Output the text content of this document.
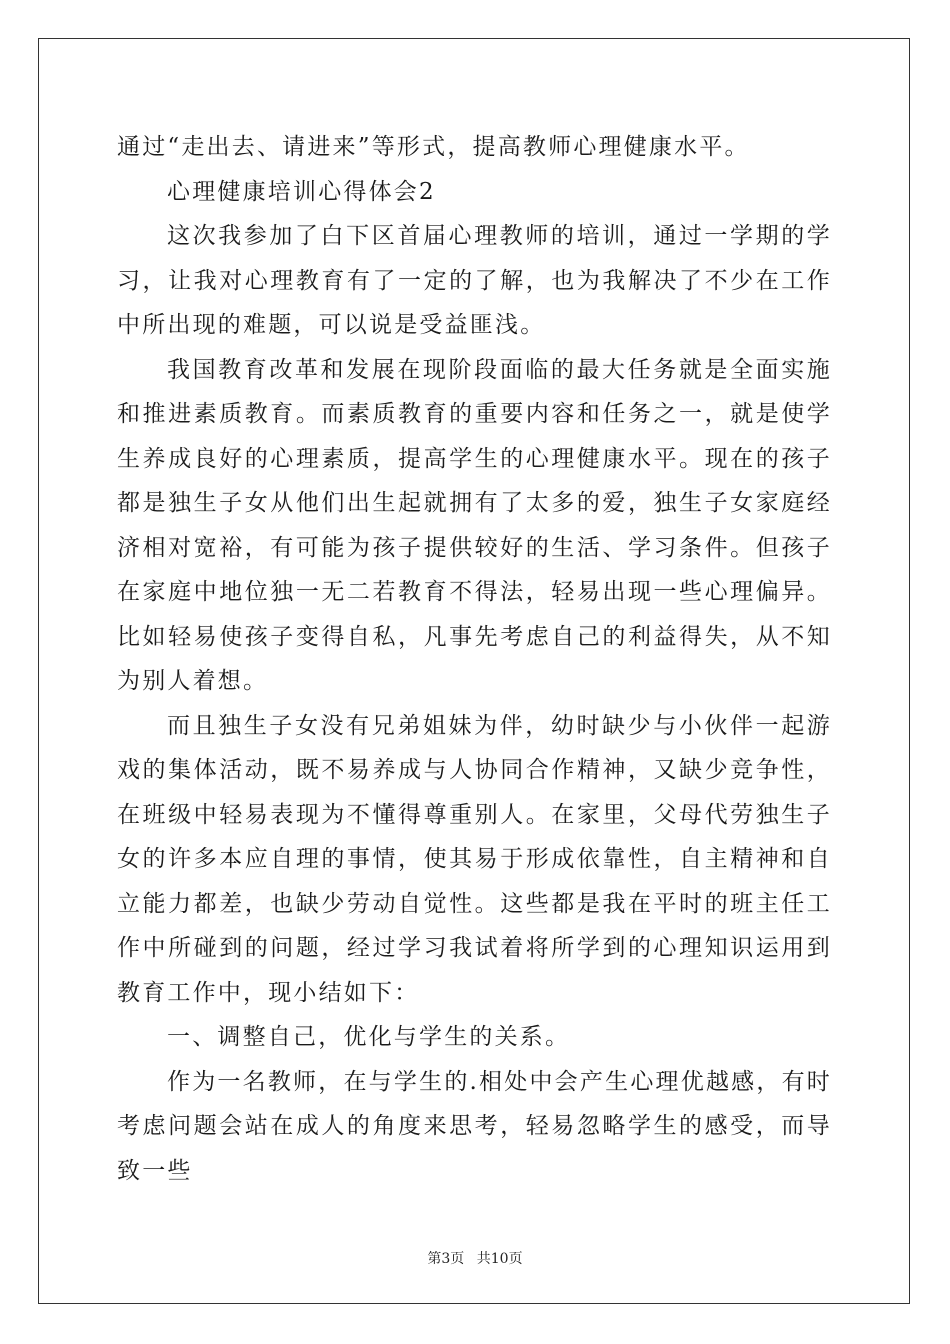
通过“走出去、请进来”等形式，提高教师心理健康水平。

心理健康培训心得体会2

这次我参加了白下区首届心理教师的培训，通过一学期的学习，让我对心理教育有了一定的了解，也为我解决了不少在工作中所出现的难题，可以说是受益匪浅。

我国教育改革和发展在现阶段面临的最大任务就是全面实施和推进素质教育。而素质教育的重要内容和任务之一，就是使学生养成良好的心理素质，提高学生的心理健康水平。现在的孩子都是独生子女从他们出生起就拥有了太多的爱，独生子女家庭经济相对宽裕，有可能为孩子提供较好的生活、学习条件。但孩子在家庭中地位独一无二若教育不得法，轻易出现一些心理偏异。比如轻易使孩子变得自私，凡事先考虑自己的利益得失，从不知为别人着想。

而且独生子女没有兄弟姐妹为伴，幼时缺少与小伙伴一起游戏的集体活动，既不易养成与人协同合作精神，又缺少竞争性，在班级中轻易表现为不懂得尊重别人。在家里，父母代劳独生子女的许多本应自理的事情，使其易于形成依靠性，自主精神和自立能力都差，也缺少劳动自觉性。这些都是我在平时的班主任工作中所碰到的问题，经过学习我试着将所学到的心理知识运用到教育工作中，现小结如下：

一、调整自己，优化与学生的关系。

作为一名教师，在与学生的.相处中会产生心理优越感，有时考虑问题会站在成人的角度来思考，轻易忽略学生的感受，而导致一些

第3页 共10页
